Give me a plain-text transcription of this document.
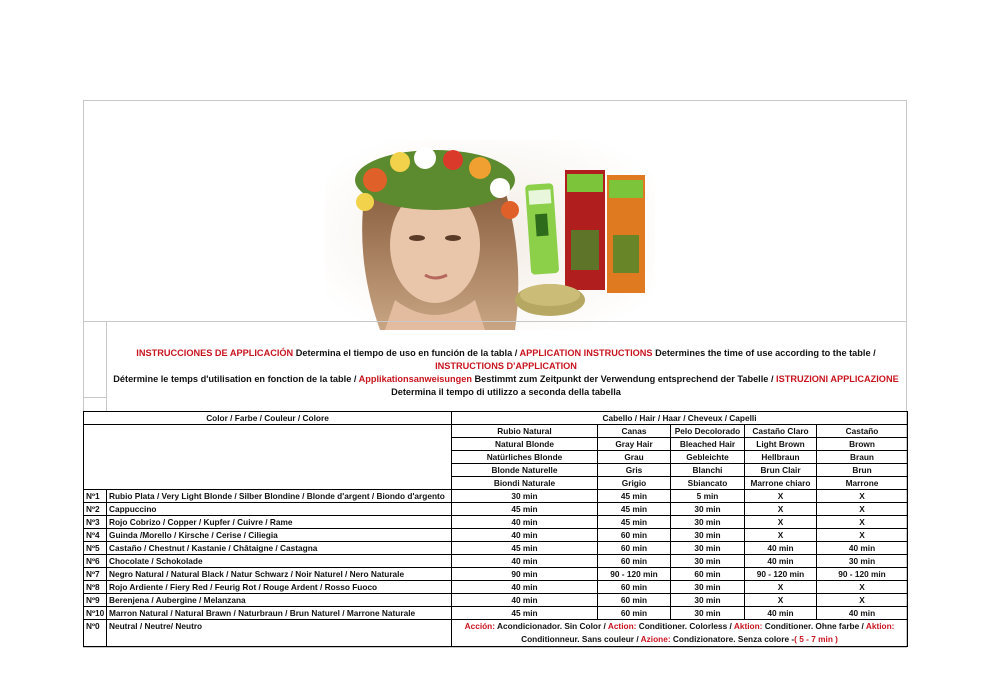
INSTRUCCIONES DE APPLICACIÓN Determina el tiempo de uso en función de la tabla / APPLICATION INSTRUCTIONS Determines the time of use according to the table / INSTRUCTIONS D'APPLICATION
Détermine le temps d'utilisation en fonction de la table / Applikationsanweisungen Bestimmt zum Zeitpunkt der Verwendung entsprechend der Tabelle / ISTRUZIONI APPLICAZIONE Determina il tempo di utilizzo a seconda della tabella
Color / Farbe / Couleur / Colore		Cabello / Hair / Haar / Cheveux / Capelli				
		Rubio Natural	Canas	Pelo Decolorado	Castaño Claro	Castaño
		Natural Blonde	Gray Hair	Bleached Hair	Light Brown	Brown
		Natürliches Blonde	Grau	Gebleichte	Hellbraun	Braun
		Blonde Naturelle	Gris	Blanchi	Brun Clair	Brun
		Biondi Naturale	Grigio	Sbiancato	Marrone chiaro	Marrone
Nº1	Rubio Plata / Very Light Blonde / Silber Blondine / Blonde d'argent / Biondo d'argento	30 min	45 min	5 min	X	X
Nº2	Cappuccino	45 min	45 min	30 min	X	X
Nº3	Rojo Cobrizo / Copper / Kupfer / Cuivre / Rame	40 min	45 min	30 min	X	X
Nº4	Guinda /Morello / Kirsche / Cerise / Ciliegia	40 min	60 min	30 min	X	X
Nº5	Castaño / Chestnut / Kastanie / Châtaigne / Castagna	45 min	60 min	30 min	40 min	40 min
Nº6	Chocolate / Schokolade	40 min	60 min	30 min	40 min	30 min
Nº7	Negro Natural / Natural Black / Natur Schwarz / Noir Naturel / Nero Naturale	90 min	90 - 120 min	60 min	90 - 120 min	90 - 120 min
Nº8	Rojo Ardiente / Fiery Red / Feurig Rot / Rouge Ardent / Rosso Fuoco	40 min	60 min	30 min	X	X
Nº9	Berenjena / Aubergine / Melanzana	40 min	60 min	30 min	X	X
Nº10	Marron Natural / Natural Brawn / Naturbraun / Brun Naturel / Marrone Naturale	45 min	60 min	30 min	40 min	40 min
Nº0	Neutral / Neutre/ Neutro	Acción: Acondicionador. Sin Color / Action: Conditioner. Colorless / Aktion: Conditioner. Ohne farbe / Aktion:
Conditionneur. Sans couleur / Azione: Condizionatore. Senza colore -( 5 - 7 min )				
